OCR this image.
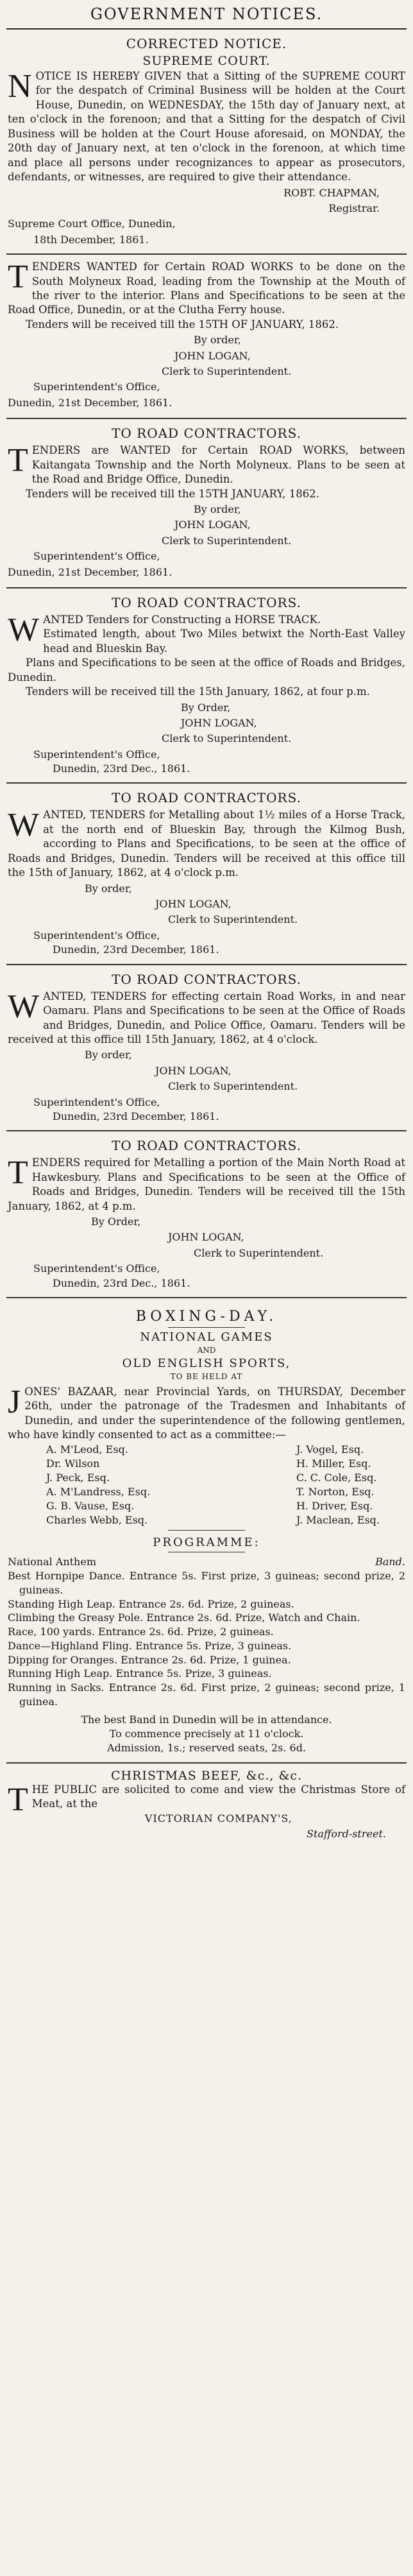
GOVERNMENT NOTICES.
CORRECTED NOTICE.
SUPREME COURT.

NOTICE IS HEREBY GIVEN that a Sitting of the SUPREME COURT for the despatch of Criminal Business will be holden at the Court House, Dunedin, on WEDNESDAY, the 15th day of January next, at ten o'clock in the forenoon; and that a Sitting for the despatch of Civil Business will be holden at the Court House aforesaid, on MONDAY, the 20th day of January next, at ten o'clock in the forenoon, at which time and place all persons under recognizances to appear as prosecutors, defendants, or witnesses, are required to give their attendance.

ROBT. CHAPMAN,
Registrar.
Supreme Court Office, Dunedin,
18th December, 1861.

TENDERS WANTED for Certain ROAD WORKS to be done on the South Molyneux Road, leading from the Township at the Mouth of the river to the interior. Plans and Specifications to be seen at the Road Office, Dunedin, or at the Clutha Ferry house.

Tenders will be received till the 15TH OF JANUARY, 1862.

By order,
JOHN LOGAN,
Clerk to Superintendent.
Superintendent's Office,
Dunedin, 21st December, 1861.
TO ROAD CONTRACTORS.

TENDERS are WANTED for Certain ROAD WORKS, between Kaitangata Township and the North Molyneux. Plans to be seen at the Road and Bridge Office, Dunedin.

Tenders will be received till the 15TH JANUARY, 1862.

By order,
JOHN LOGAN,
Clerk to Superintendent.
Superintendent's Office,
Dunedin, 21st December, 1861.
TO ROAD CONTRACTORS.

WANTED Tenders for Constructing a HORSE TRACK.

Estimated length, about Two Miles betwixt the North-East Valley head and Blueskin Bay.

Plans and Specifications to be seen at the office of Roads and Bridges, Dunedin.

Tenders will be received till the 15th January, 1862, at four p.m.

By Order,
JOHN LOGAN,
Clerk to Superintendent.
Superintendent's Office,
Dunedin, 23rd Dec., 1861.
TO ROAD CONTRACTORS.

WANTED, TENDERS for Metalling about 1½ miles of a Horse Track, at the north end of Blueskin Bay, through the Kilmog Bush, according to Plans and Specifications, to be seen at the office of Roads and Bridges, Dunedin. Tenders will be received at this office till the 15th of January, 1862, at 4 o'clock p.m.

By order,
JOHN LOGAN,
Clerk to Superintendent.
Superintendent's Office,
Dunedin, 23rd December, 1861.
TO ROAD CONTRACTORS.

WANTED, TENDERS for effecting certain Road Works, in and near Oamaru. Plans and Specifications to be seen at the Office of Roads and Bridges, Dunedin, and Police Office, Oamaru. Tenders will be received at this office till 15th January, 1862, at 4 o'clock.

By order,
JOHN LOGAN,
Clerk to Superintendent.
Superintendent's Office,
Dunedin, 23rd December, 1861.
TO ROAD CONTRACTORS.

TENDERS required for Metalling a portion of the Main North Road at Hawkesbury. Plans and Specifications to be seen at the Office of Roads and Bridges, Dunedin. Tenders will be received till the 15th January, 1862, at 4 p.m.

By Order,
JOHN LOGAN,
Clerk to Superintendent.
Superintendent's Office,
Dunedin, 23rd Dec., 1861.
BOXING-DAY.
NATIONAL GAMES
AND
OLD ENGLISH SPORTS,
TO BE HELD AT

JONES' BAZAAR, near Provincial Yards, on THURSDAY, December 26th, under the patronage of the Tradesmen and Inhabitants of Dunedin, and under the superintendence of the following gentlemen, who have kindly consented to act as a committee:—

A. M'Leod, Esq.
Dr. Wilson
J. Peck, Esq.
A. M'Landress, Esq.
G. B. Vause, Esq.
Charles Webb, Esq.
J. Vogel, Esq.
H. Miller, Esq.
C. C. Cole, Esq.
T. Norton, Esq.
H. Driver, Esq.
J. Maclean, Esq.
PROGRAMME:
National Anthem	Band.

Best Hornpipe Dance. Entrance 5s. First prize, 3 guineas; second prize, 2 guineas.

Standing High Leap. Entrance 2s. 6d. Prize, 2 guineas.

Climbing the Greasy Pole. Entrance 2s. 6d. Prize, Watch and Chain.

Race, 100 yards. Entrance 2s. 6d. Prize, 2 guineas.

Dance—Highland Fling. Entrance 5s. Prize, 3 guineas.

Dipping for Oranges. Entrance 2s. 6d. Prize, 1 guinea.

Running High Leap. Entrance 5s. Prize, 3 guineas.

Running in Sacks. Entrance 2s. 6d. First prize, 2 guineas; second prize, 1 guinea.

The best Band in Dunedin will be in attendance.
To commence precisely at 11 o'clock.
Admission, 1s.; reserved seats, 2s. 6d.
CHRISTMAS BEEF, &c., &c.

THE PUBLIC are solicited to come and view the Christmas Store of Meat, at the

VICTORIAN COMPANY'S,
Stafford-street.
